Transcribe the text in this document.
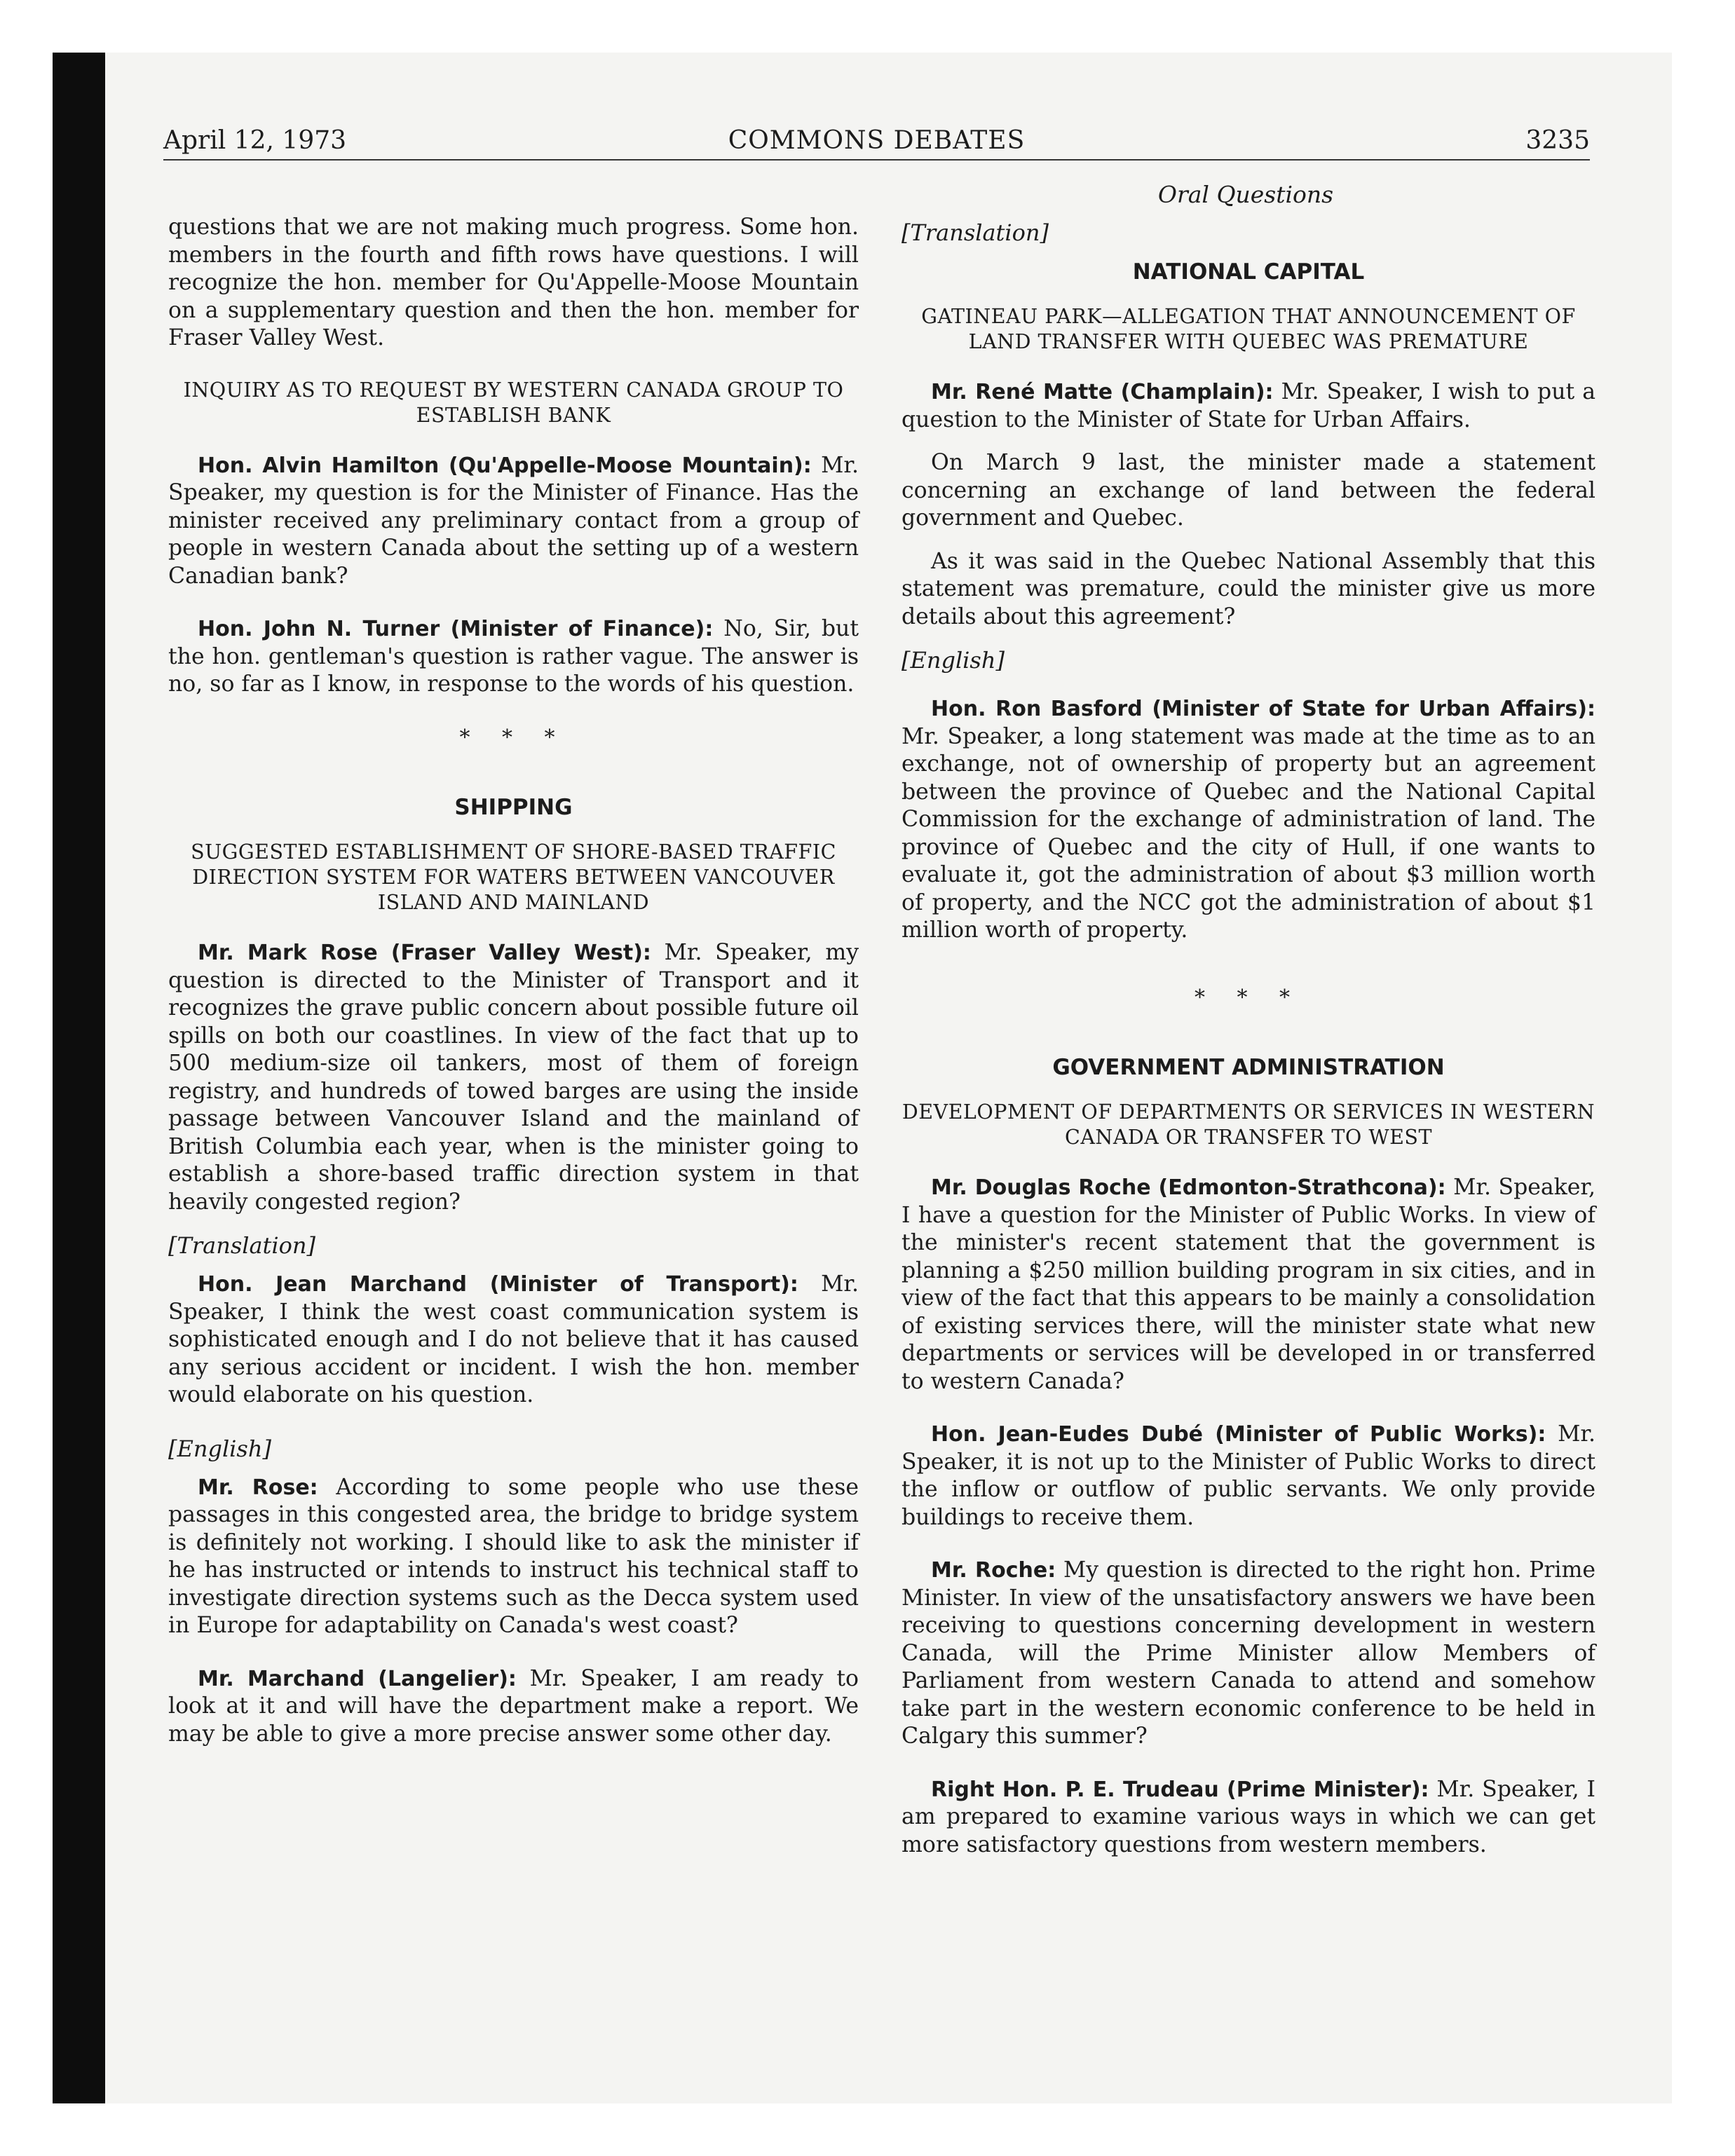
April 12, 1973	COMMONS DEBATES	3235
Oral Questions

questions that we are not making much progress. Some hon. members in the fourth and fifth rows have questions. I will recognize the hon. member for Qu'Appelle-Moose Mountain on a supplementary question and then the hon. member for Fraser Valley West.

INQUIRY AS TO REQUEST BY WESTERN CANADA GROUP TO ESTABLISH BANK

Hon. Alvin Hamilton (Qu'Appelle-Moose Mountain): Mr. Speaker, my question is for the Minister of Finance. Has the minister received any preliminary contact from a group of people in western Canada about the setting up of a western Canadian bank?

Hon. John N. Turner (Minister of Finance): No, Sir, but the hon. gentleman's question is rather vague. The answer is no, so far as I know, in response to the words of his question.

* * *
SHIPPING
SUGGESTED ESTABLISHMENT OF SHORE-BASED TRAFFIC DIRECTION SYSTEM FOR WATERS BETWEEN VANCOUVER ISLAND AND MAINLAND

Mr. Mark Rose (Fraser Valley West): Mr. Speaker, my question is directed to the Minister of Transport and it recognizes the grave public concern about possible future oil spills on both our coastlines. In view of the fact that up to 500 medium-size oil tankers, most of them of foreign registry, and hundreds of towed barges are using the inside passage between Vancouver Island and the mainland of British Columbia each year, when is the minister going to establish a shore-based traffic direction system in that heavily congested region?

[Translation]

Hon. Jean Marchand (Minister of Transport): Mr. Speaker, I think the west coast communication system is sophisticated enough and I do not believe that it has caused any serious accident or incident. I wish the hon. member would elaborate on his question.

[English]

Mr. Rose: According to some people who use these passages in this congested area, the bridge to bridge system is definitely not working. I should like to ask the minister if he has instructed or intends to instruct his technical staff to investigate direction systems such as the Decca system used in Europe for adaptability on Canada's west coast?

Mr. Marchand (Langelier): Mr. Speaker, I am ready to look at it and will have the department make a report. We may be able to give a more precise answer some other day.

[Translation]
NATIONAL CAPITAL
GATINEAU PARK—ALLEGATION THAT ANNOUNCEMENT OF LAND TRANSFER WITH QUEBEC WAS PREMATURE

Mr. René Matte (Champlain): Mr. Speaker, I wish to put a question to the Minister of State for Urban Affairs.

On March 9 last, the minister made a statement concerning an exchange of land between the federal government and Quebec.

As it was said in the Quebec National Assembly that this statement was premature, could the minister give us more details about this agreement?

[English]

Hon. Ron Basford (Minister of State for Urban Affairs): Mr. Speaker, a long statement was made at the time as to an exchange, not of ownership of property but an agreement between the province of Quebec and the National Capital Commission for the exchange of administration of land. The province of Quebec and the city of Hull, if one wants to evaluate it, got the administration of about $3 million worth of property, and the NCC got the administration of about $1 million worth of property.

* * *
GOVERNMENT ADMINISTRATION
DEVELOPMENT OF DEPARTMENTS OR SERVICES IN WESTERN CANADA OR TRANSFER TO WEST

Mr. Douglas Roche (Edmonton-Strathcona): Mr. Speaker, I have a question for the Minister of Public Works. In view of the minister's recent statement that the government is planning a $250 million building program in six cities, and in view of the fact that this appears to be mainly a consolidation of existing services there, will the minister state what new departments or services will be developed in or transferred to western Canada?

Hon. Jean-Eudes Dubé (Minister of Public Works): Mr. Speaker, it is not up to the Minister of Public Works to direct the inflow or outflow of public servants. We only provide buildings to receive them.

Mr. Roche: My question is directed to the right hon. Prime Minister. In view of the unsatisfactory answers we have been receiving to questions concerning development in western Canada, will the Prime Minister allow Members of Parliament from western Canada to attend and somehow take part in the western economic conference to be held in Calgary this summer?

Right Hon. P. E. Trudeau (Prime Minister): Mr. Speaker, I am prepared to examine various ways in which we can get more satisfactory questions from western members.
